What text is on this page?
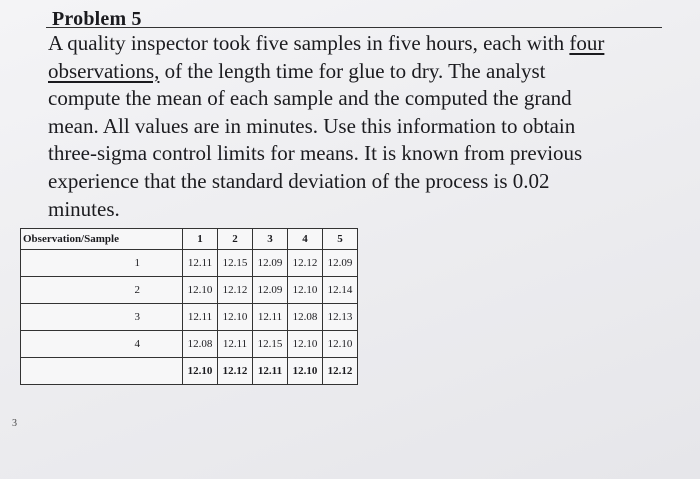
Problem 5
A quality inspector took five samples in five hours, each with four
observations, of the length time for glue to dry. The analyst
compute the mean of each sample and the computed the grand
mean. All values are in minutes. Use this information to obtain
three-sigma control limits for means. It is known from previous
experience that the standard deviation of the process is 0.02
minutes.
Observation/Sample	1	2	3	4	5
1	12.11	12.15	12.09	12.12	12.09
2	12.10	12.12	12.09	12.10	12.14
3	12.11	12.10	12.11	12.08	12.13
4	12.08	12.11	12.15	12.10	12.10
	12.10	12.12	12.11	12.10	12.12
3
